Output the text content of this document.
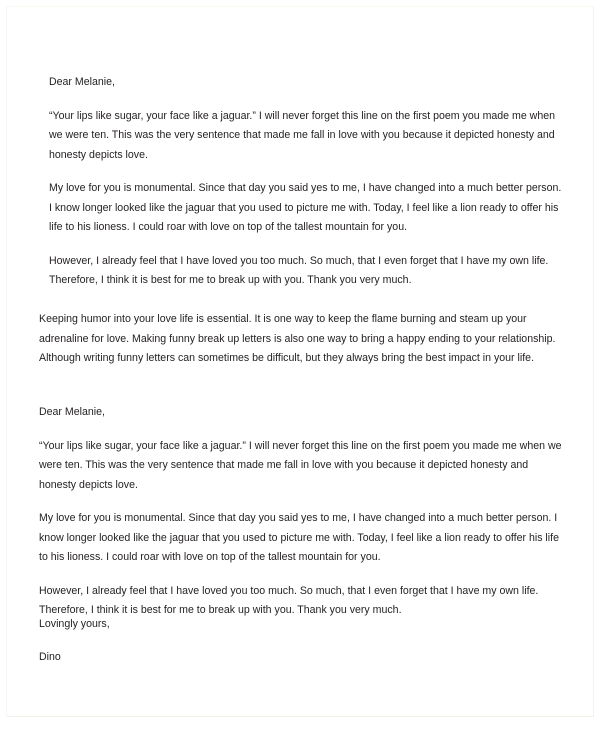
Dear Melanie,

“Your lips like sugar, your face like a jaguar.” I will never forget this line on the first poem you made me when we were ten. This was the very sentence that made me fall in love with you because it depicted honesty and honesty depicts love.

My love for you is monumental. Since that day you said yes to me, I have changed into a much better person. I know longer looked like the jaguar that you used to picture me with. Today, I feel like a lion ready to offer his life to his lioness. I could roar with love on top of the tallest mountain for you.

However, I already feel that I have loved you too much. So much, that I even forget that I have my own life. Therefore, I think it is best for me to break up with you. Thank you very much.

Keeping humor into your love life is essential. It is one way to keep the flame burning and steam up your adrenaline for love. Making funny break up letters is also one way to bring a happy ending to your relationship. Although writing funny letters can sometimes be difficult, but they always bring the best impact in your life.

Dear Melanie,

“Your lips like sugar, your face like a jaguar.” I will never forget this line on the first poem you made me when we were ten. This was the very sentence that made me fall in love with you because it depicted honesty and honesty depicts love.

My love for you is monumental. Since that day you said yes to me, I have changed into a much better person. I know longer looked like the jaguar that you used to picture me with. Today, I feel like a lion ready to offer his life to his lioness. I could roar with love on top of the tallest mountain for you.

However, I already feel that I have loved you too much. So much, that I even forget that I have my own life. Therefore, I think it is best for me to break up with you. Thank you very much.

Lovingly yours,

Dino
